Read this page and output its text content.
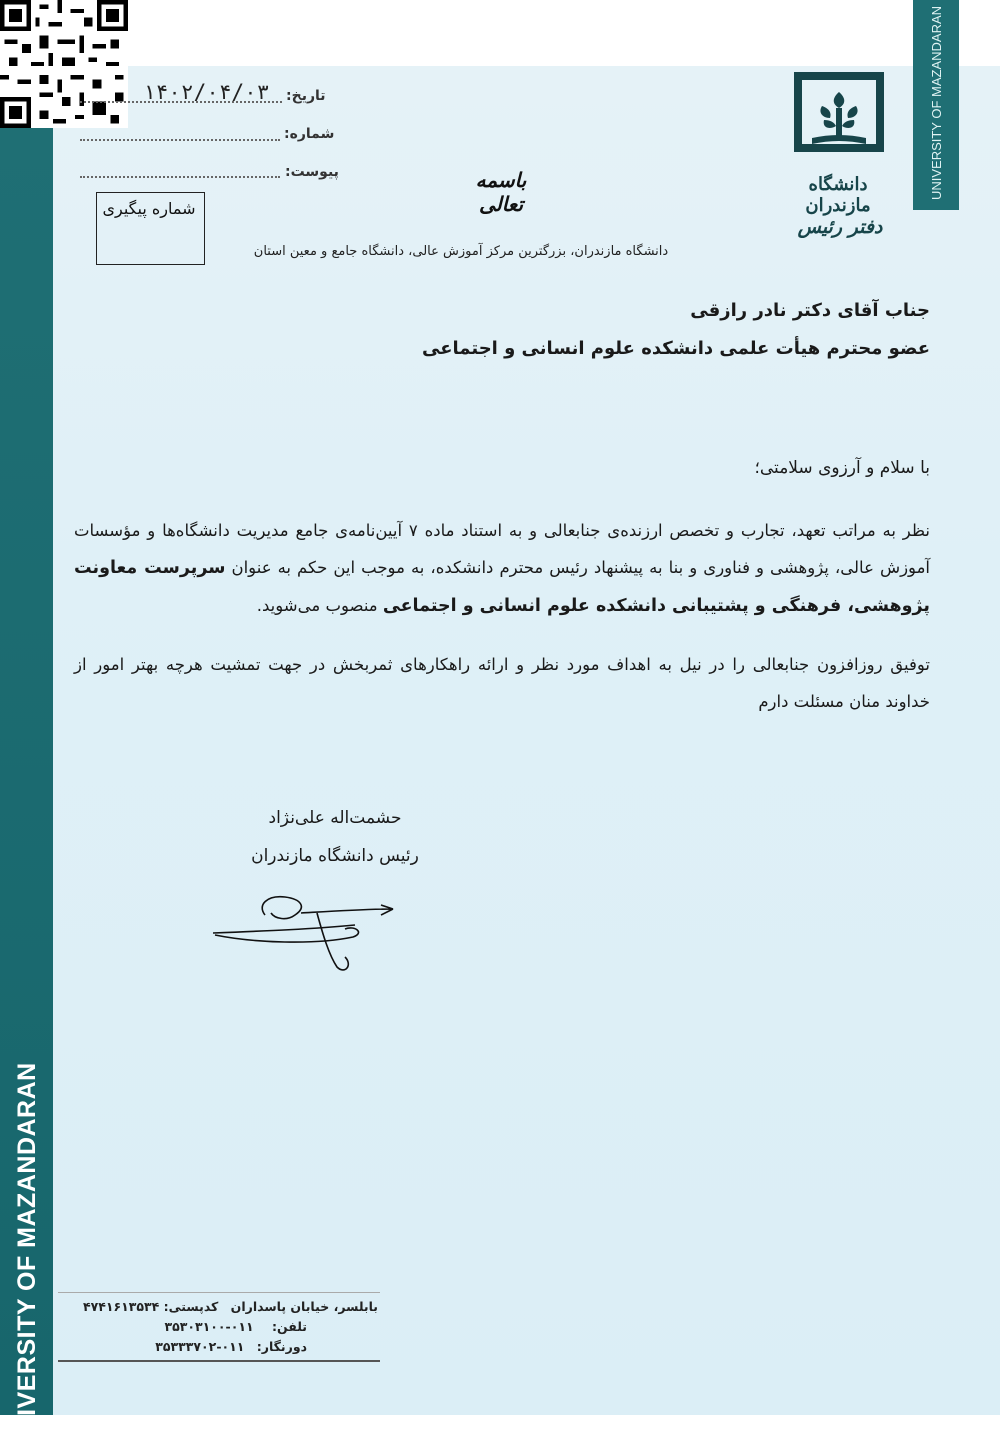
UNIVERSITY OF MAZANDARAN
UNIVERSITY OF MAZANDARAN
دانشگاه مازندران
دفتر رئیس
تاریخ:
۱۴۰۲/۰۴/۰۳
شماره:
پیوست:	باسمه تعالی
شماره پیگیری
دانشگاه مازندران، بزرگترین مرکز آموزش عالی، دانشگاه جامع و معین استان
جناب آقای دکتر نادر رازقی
عضو محترم هیأت علمی دانشکده علوم انسانی و اجتماعی
با سلام و آرزوی سلامتی؛
نظر به مراتب تعهد، تجارب و تخصص ارزنده‌ی جنابعالی و به استناد ماده ۷ آیین‌نامه‌ی جامع مدیریت دانشگاه‌ها و مؤسسات آموزش عالی، پژوهشی و فناوری و بنا به پیشنهاد رئیس محترم دانشکده، به موجب این حکم به عنوان سرپرست معاونت پژوهشی، فرهنگی و پشتیبانی دانشکده علوم انسانی و اجتماعی منصوب می‌شوید.
توفیق روزافزون جنابعالی را در نیل به اهداف مورد نظر و ارائه راهکارهای ثمربخش در جهت تمشیت هرچه بهتر امور از خداوند منان مسئلت دارم
حشمت‌اله علی‌نژاد
رئیس دانشگاه مازندران
بابلسر، خیابان پاسداران کدپستی: ۴۷۴۱۶۱۳۵۳۴
تلفن: ۰۱۱-۳۵۳۰۳۱۰۰
دورنگار: ۰۱۱-۳۵۳۳۳۷۰۲
